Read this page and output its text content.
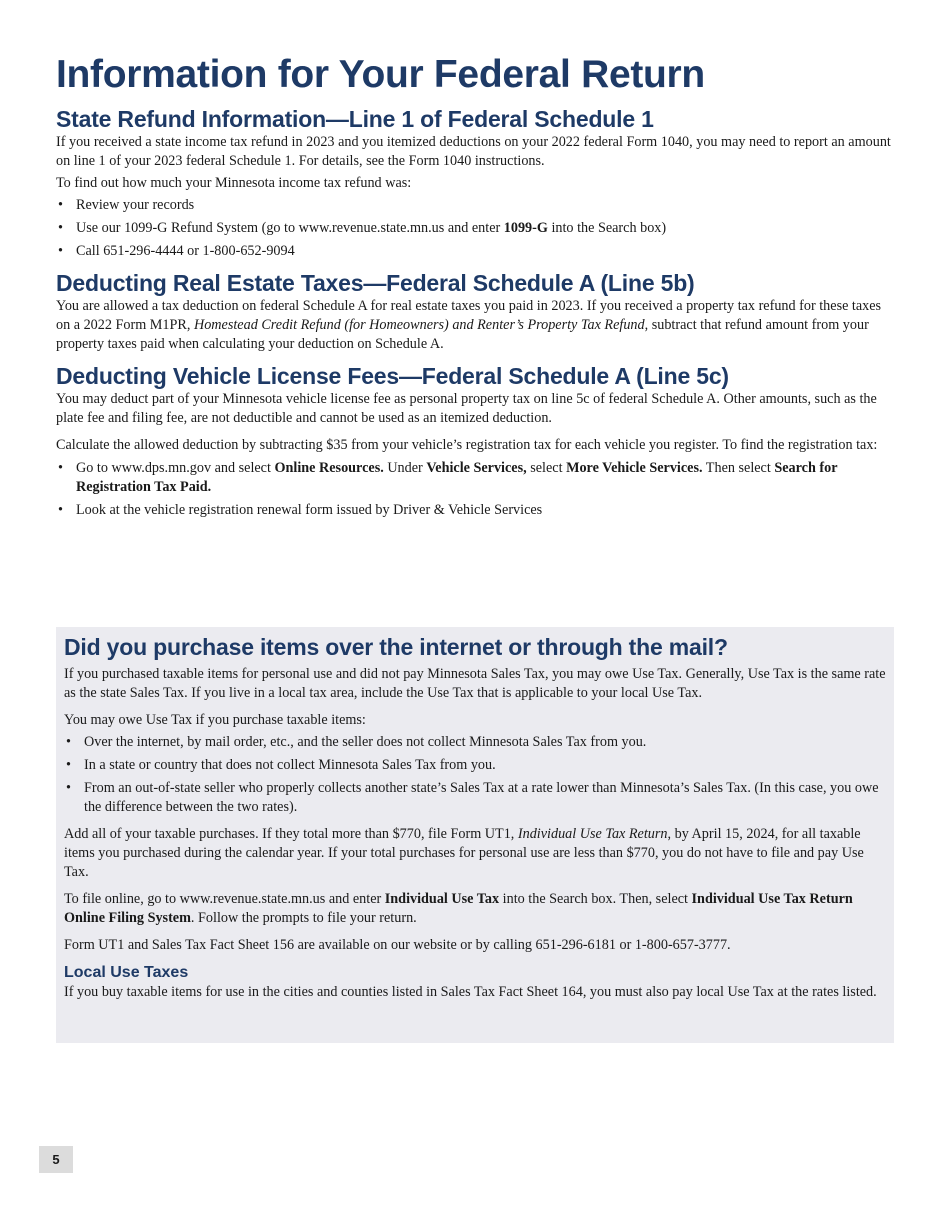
Information for Your Federal Return
State Refund Information—Line 1 of Federal Schedule 1

If you received a state income tax refund in 2023 and you itemized deductions on your 2022 federal Form 1040, you may need to report an amount on line 1 of your 2023 federal Schedule 1. For details, see the Form 1040 instructions.

To find out how much your Minnesota income tax refund was:

• Review your records
• Use our 1099-G Refund System (go to www.revenue.state.mn.us and enter 1099-G into the Search box)
• Call 651-296-4444 or 1-800-652-9094
Deducting Real Estate Taxes—Federal Schedule A (Line 5b)

You are allowed a tax deduction on federal Schedule A for real estate taxes you paid in 2023. If you received a property tax refund for these taxes on a 2022 Form M1PR, Homestead Credit Refund (for Homeowners) and Renter’s Property Tax Refund, subtract that refund amount from your property taxes paid when calculating your deduction on Schedule A.

Deducting Vehicle License Fees—Federal Schedule A (Line 5c)

You may deduct part of your Minnesota vehicle license fee as personal property tax on line 5c of federal Schedule A. Other amounts, such as the plate fee and filing fee, are not deductible and cannot be used as an itemized deduction.

Calculate the allowed deduction by subtracting $35 from your vehicle’s registration tax for each vehicle you register. To find the registration tax:

• Go to www.dps.mn.gov and select Online Resources. Under Vehicle Services, select More Vehicle Services. Then select Search for Registration Tax Paid.
• Look at the vehicle registration renewal form issued by Driver & Vehicle Services
Did you purchase items over the internet or through the mail?

If you purchased taxable items for personal use and did not pay Minnesota Sales Tax, you may owe Use Tax. Generally, Use Tax is the same rate as the state Sales Tax. If you live in a local tax area, include the Use Tax that is applicable to your local Use Tax.

You may owe Use Tax if you purchase taxable items:

• Over the internet, by mail order, etc., and the seller does not collect Minnesota Sales Tax from you.
• In a state or country that does not collect Minnesota Sales Tax from you.
• From an out-of-state seller who properly collects another state’s Sales Tax at a rate lower than Minnesota’s Sales Tax. (In this case, you owe the difference between the two rates).

Add all of your taxable purchases. If they total more than $770, file Form UT1, Individual Use Tax Return, by April 15, 2024, for all taxable items you purchased during the calendar year. If your total purchases for personal use are less than $770, you do not have to file and pay Use Tax.

To file online, go to www.revenue.state.mn.us and enter Individual Use Tax into the Search box. Then, select Individual Use Tax Return Online Filing System. Follow the prompts to file your return.

Form UT1 and Sales Tax Fact Sheet 156 are available on our website or by calling 651-296-6181 or 1-800-657-3777.

Local Use Taxes

If you buy taxable items for use in the cities and counties listed in Sales Tax Fact Sheet 164, you must also pay local Use Tax at the rates listed.

5
